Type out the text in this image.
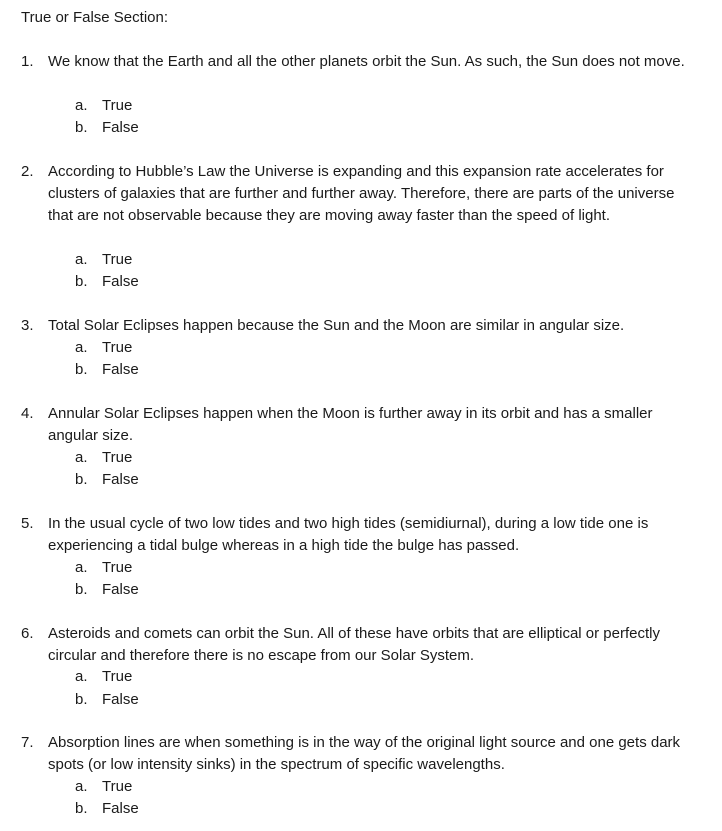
True or False Section:
1. We know that the Earth and all the other planets orbit the Sun. As such, the Sun does not move.
a. True
b. False
2. According to Hubble’s Law the Universe is expanding and this expansion rate accelerates for clusters of galaxies that are further and further away. Therefore, there are parts of the universe that are not observable because they are moving away faster than the speed of light.
a. True
b. False
3. Total Solar Eclipses happen because the Sun and the Moon are similar in angular size.
a. True
b. False
4. Annular Solar Eclipses happen when the Moon is further away in its orbit and has a smaller angular size.
a. True
b. False
5. In the usual cycle of two low tides and two high tides (semidiurnal), during a low tide one is experiencing a tidal bulge whereas in a high tide the bulge has passed.
a. True
b. False
6. Asteroids and comets can orbit the Sun. All of these have orbits that are elliptical or perfectly circular and therefore there is no escape from our Solar System.
a. True
b. False
7. Absorption lines are when something is in the way of the original light source and one gets dark spots (or low intensity sinks) in the spectrum of specific wavelengths.
a. True
b. False
